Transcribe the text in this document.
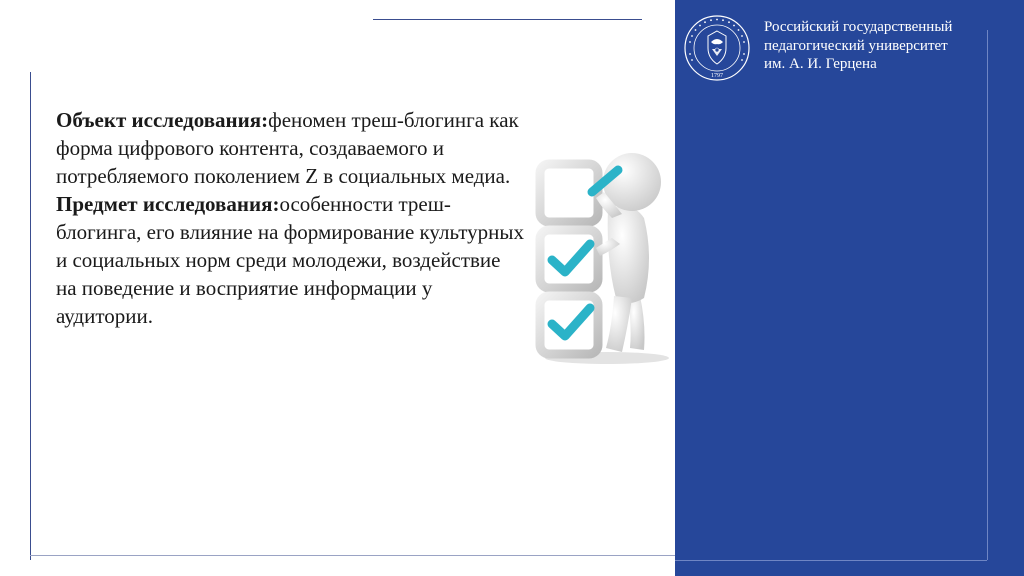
1797
Российский государственный
педагогический университет
им. А. И. Герцена

Объект исследования:феномен треш-блогинга как форма цифрового контента, создаваемого и потребляемого поколением Z в социальных медиа.

Предмет исследования:особенности треш-блогинга, его влияние на формирование культурных и социальных норм среди молодежи, воздействие на поведение и восприятие информации у аудитории.
